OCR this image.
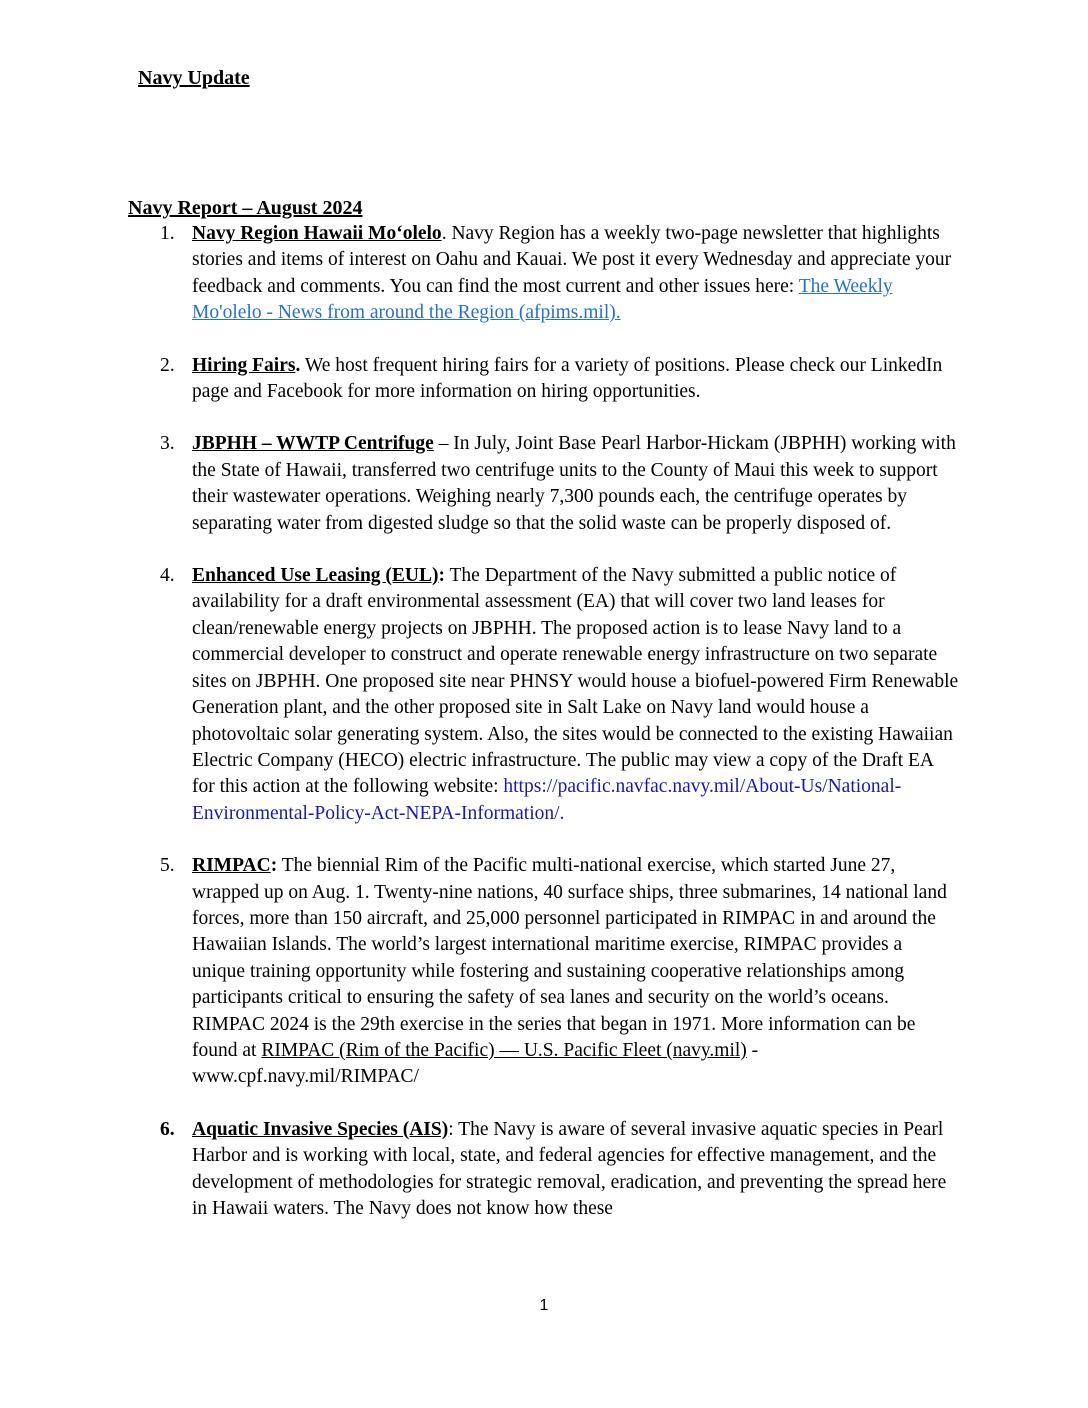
Navy Update
Navy Report – August 2024
1. Navy Region Hawaii Mo‘olelo. Navy Region has a weekly two-page newsletter that highlights stories and items of interest on Oahu and Kauai. We post it every Wednesday and appreciate your feedback and comments. You can find the most current and other issues here: The Weekly Mo'olelo - News from around the Region (afpims.mil).
2. Hiring Fairs. We host frequent hiring fairs for a variety of positions. Please check our LinkedIn page and Facebook for more information on hiring opportunities.
3. JBPHH – WWTP Centrifuge – In July, Joint Base Pearl Harbor-Hickam (JBPHH) working with the State of Hawaii, transferred two centrifuge units to the County of Maui this week to support their wastewater operations. Weighing nearly 7,300 pounds each, the centrifuge operates by separating water from digested sludge so that the solid waste can be properly disposed of.
4. Enhanced Use Leasing (EUL): The Department of the Navy submitted a public notice of availability for a draft environmental assessment (EA) that will cover two land leases for clean/renewable energy projects on JBPHH. The proposed action is to lease Navy land to a commercial developer to construct and operate renewable energy infrastructure on two separate sites on JBPHH. One proposed site near PHNSY would house a biofuel-powered Firm Renewable Generation plant, and the other proposed site in Salt Lake on Navy land would house a photovoltaic solar generating system. Also, the sites would be connected to the existing Hawaiian Electric Company (HECO) electric infrastructure. The public may view a copy of the Draft EA for this action at the following website: https://pacific.navfac.navy.mil/About-Us/National-Environmental-Policy-Act-NEPA-Information/.
5. RIMPAC: The biennial Rim of the Pacific multi-national exercise, which started June 27, wrapped up on Aug. 1. Twenty-nine nations, 40 surface ships, three submarines, 14 national land forces, more than 150 aircraft, and 25,000 personnel participated in RIMPAC in and around the Hawaiian Islands. The world’s largest international maritime exercise, RIMPAC provides a unique training opportunity while fostering and sustaining cooperative relationships among participants critical to ensuring the safety of sea lanes and security on the world’s oceans. RIMPAC 2024 is the 29th exercise in the series that began in 1971. More information can be found at RIMPAC (Rim of the Pacific) — U.S. Pacific Fleet (navy.mil) - www.cpf.navy.mil/RIMPAC/
6. Aquatic Invasive Species (AIS): The Navy is aware of several invasive aquatic species in Pearl Harbor and is working with local, state, and federal agencies for effective management, and the development of methodologies for strategic removal, eradication, and preventing the spread here in Hawaii waters. The Navy does not know how these
1
